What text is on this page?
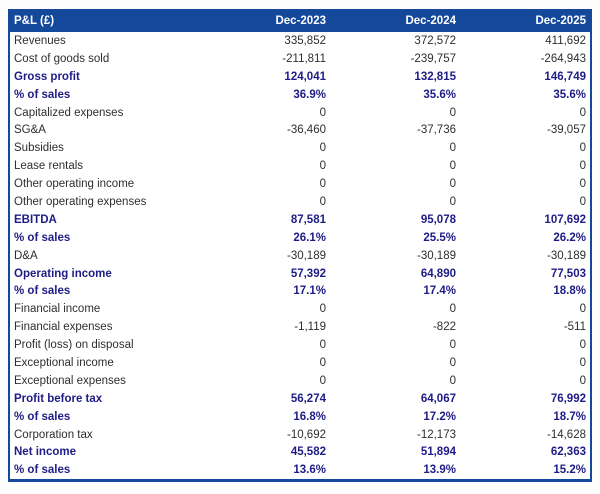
P&L (£)	Dec-2023	Dec-2024	Dec-2025
Revenues	335,852	372,572	411,692
Cost of goods sold	-211,811	-239,757	-264,943
Gross profit	124,041	132,815	146,749
% of sales	36.9%	35.6%	35.6%
Capitalized expenses	0	0	0
SG&A	-36,460	-37,736	-39,057
Subsidies	0	0	0
Lease rentals	0	0	0
Other operating income	0	0	0
Other operating expenses	0	0	0
EBITDA	87,581	95,078	107,692
% of sales	26.1%	25.5%	26.2%
D&A	-30,189	-30,189	-30,189
Operating income	57,392	64,890	77,503
% of sales	17.1%	17.4%	18.8%
Financial income	0	0	0
Financial expenses	-1,119	-822	-511
Profit (loss) on disposal	0	0	0
Exceptional income	0	0	0
Exceptional expenses	0	0	0
Profit before tax	56,274	64,067	76,992
% of sales	16.8%	17.2%	18.7%
Corporation tax	-10,692	-12,173	-14,628
Net income	45,582	51,894	62,363
% of sales	13.6%	13.9%	15.2%
